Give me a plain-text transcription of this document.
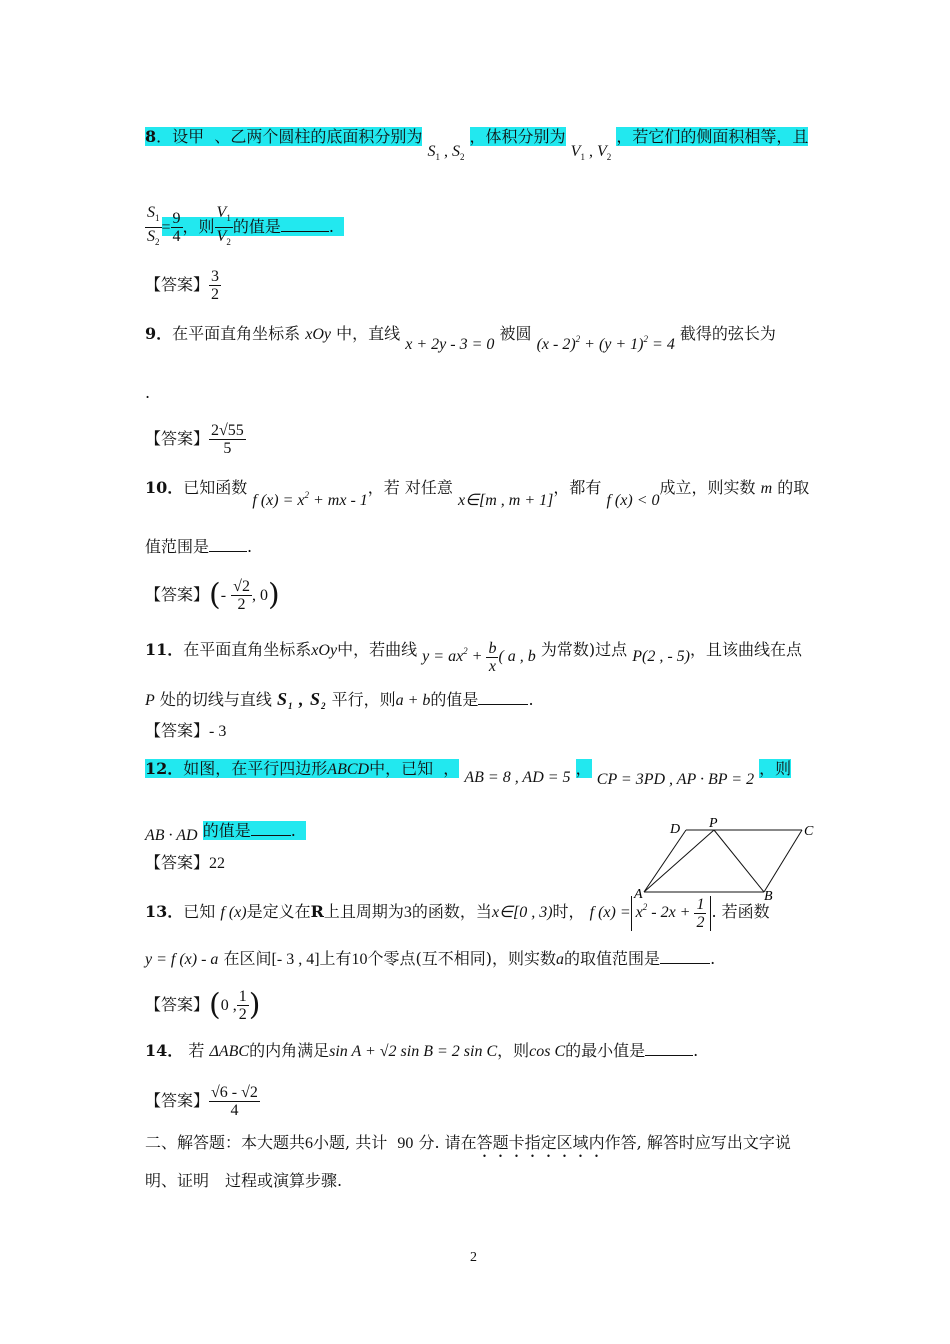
8．设甲 、乙两个圆柱的底面积分别为 $S_1$ , $S_2$ ，体积分别为 $V_1$ , $V_2$ ，若它们的侧面积相等，且
$\frac{S_1}{S_2} = \frac{9}{4}$ ，则 $\frac{V_1}{V_2}$ 的值是	.
【答案】 $\frac{3}{2}$
9．在平面直角坐标系 xOy 中，直线 x + 2y - 3 = 0 被圆 $(x - 2)^2 + (y + 1)^2 = 4$ 截得的弦长为
.
【答案】 $\frac{2√55}{5}$
10．已知函数 f $(x) = x^2$ + mx - 1，若 对任意 x∈[m , m + 1]，都有 f (x) < 0成立，则实数 m 的取
值范围是 .
【答案】(- $\frac{√2}{2}$ , 0)
11．在平面直角坐标系xOy中，若曲线 $y = ax^2 + \frac{b}{x}$ ( a , b 为常数)过点 P(2 , - 5)，且该曲线在点
P 处的切线与直线 $S_1$ , $S_2$ 平行，则a + b的值是	.
【答案】- 3
12．如图，在平行四边形ABCD中，已知  ， AB = 8 , AD = 5 ， CP = 3PD , AP · BP = 2 ，则
AB · AD 的值是	.
【答案】22
D P
C
A	B
13．已知 f (x)是定义在R上且周期为3的函数，当x∈[0 , 3)时， f $(x) = x^2 - 2x + \frac{1}{2}$ . 若函数
y = f (x) - a 在区间[- 3 , 4]上有10个零点(互不相同)，则实数a的取值范围是	.
【答案】(0 , $\frac{1}{2}$ )
14． 若 ΔABC的内角满足sin A + √2 sin B = 2 sin C，则cos C的最小值是	.
【答案】 $\frac{√6 - √2}{4}$
二、解答题：本大题共6小题, 共计 90 分. 请在答题卡指定区域内作答, 解答时应写出文字说
明、证明　过程或演算步骤.
2
